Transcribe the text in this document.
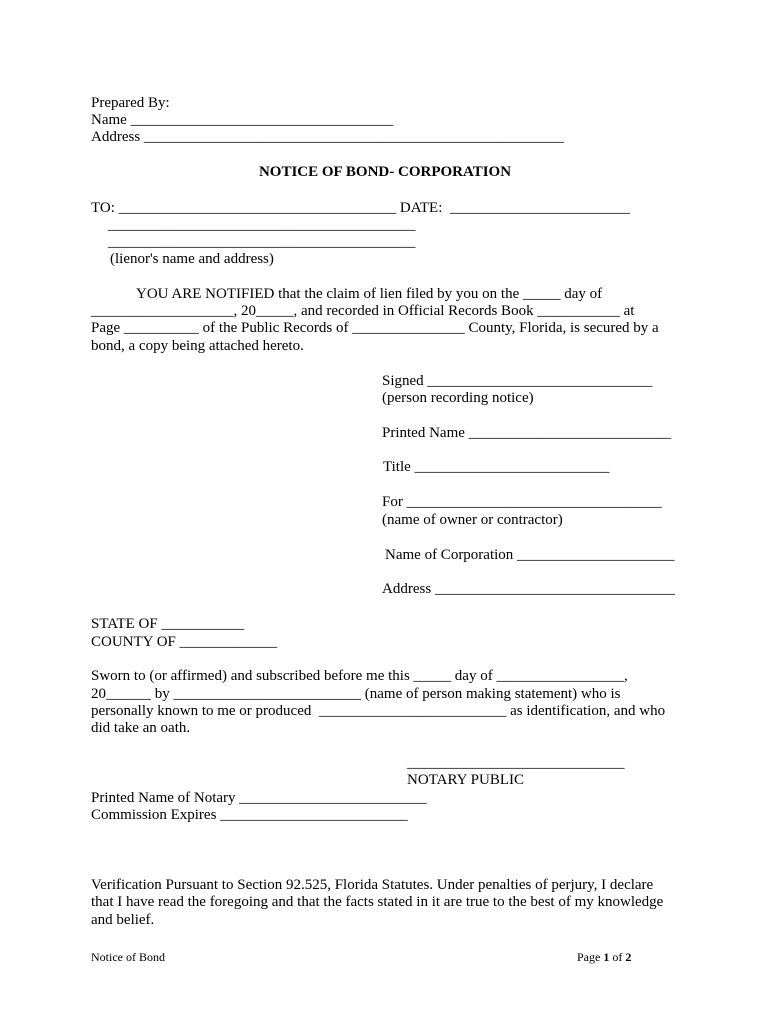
Prepared By:
Name ___________________________________
Address ________________________________________________________
NOTICE OF BOND- CORPORATION
TO: _____________________________________ DATE:  ________________________
_________________________________________
_________________________________________
(lienor's name and address)
YOU ARE NOTIFIED that the claim of lien filed by you on the _____ day of
___________________, 20_____, and recorded in Official Records Book ___________ at
Page __________ of the Public Records of _______________ County, Florida, is secured by a
bond, a copy being attached hereto.
Signed ______________________________
(person recording notice)
Printed Name ___________________________
Title __________________________
For __________________________________
(name of owner or contractor)
Name of Corporation _____________________
Address ________________________________
STATE OF ___________
COUNTY OF _____________
Sworn to (or affirmed) and subscribed before me this _____ day of _________________,
20______ by _________________________ (name of person making statement) who is
personally known to me or produced  _________________________ as identification, and who
did take an oath.
_____________________________
NOTARY PUBLIC
Printed Name of Notary _________________________
Commission Expires _________________________
Verification Pursuant to Section 92.525, Florida Statutes. Under penalties of perjury, I declare
that I have read the foregoing and that the facts stated in it are true to the best of my knowledge
and belief.
Notice of Bond	Page 1 of 2
